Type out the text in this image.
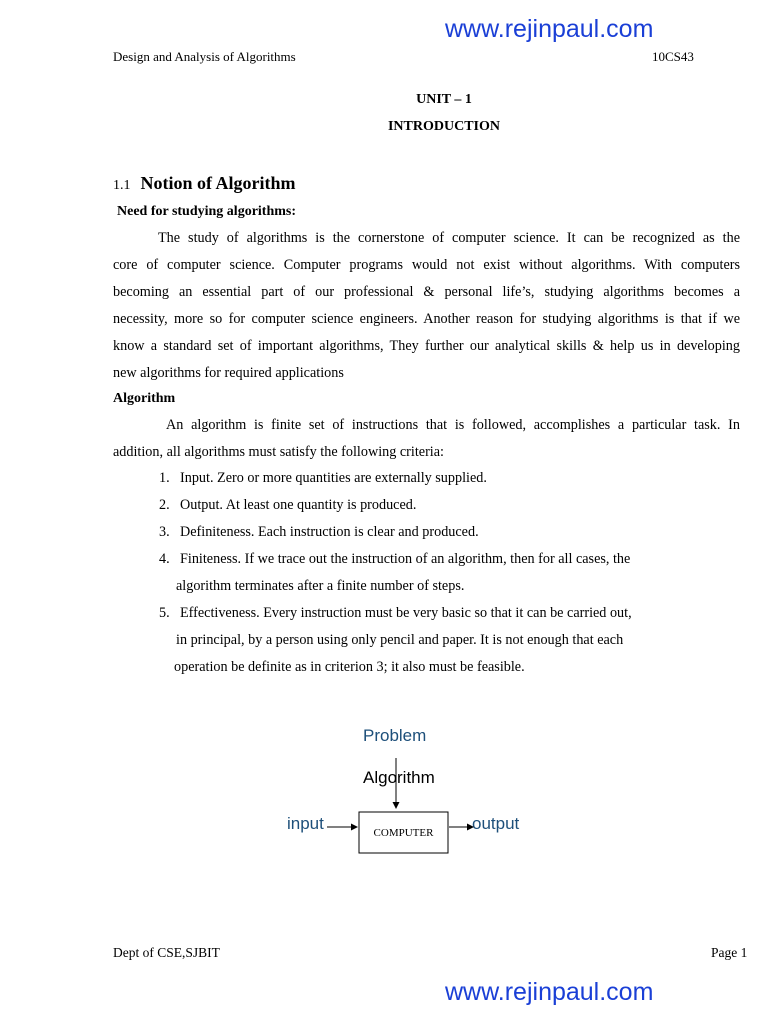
www.rejinpaul.com
Design and Analysis of Algorithms	10CS43
UNIT – 1
INTRODUCTION
1.1 Notion of Algorithm
Need for studying algorithms:
The study of algorithms is the cornerstone of computer science. It can be recognized as the
core of computer science. Computer programs would not exist without algorithms. With computers
becoming an essential part of our professional & personal life’s, studying algorithms becomes a
necessity, more so for computer science engineers. Another reason for studying algorithms is that if we
know a standard set of important algorithms, They further our analytical skills & help us in developing
new algorithms for required applications
Algorithm
An algorithm is finite set of instructions that is followed, accomplishes a particular task. In
addition, all algorithms must satisfy the following criteria:
1. Input. Zero or more quantities are externally supplied.
2. Output. At least one quantity is produced.
3. Definiteness. Each instruction is clear and produced.
4. Finiteness. If we trace out the instruction of an algorithm, then for all cases, the
algorithm terminates after a finite number of steps.
5. Effectiveness. Every instruction must be very basic so that it can be carried out,
in principal, by a person using only pencil and paper. It is not enough that each
operation be definite as in criterion 3; it also must be feasible.
Problem
Algorithm
input	output
COMPUTER
Dept of CSE,SJBIT	Page 1
www.rejinpaul.com
